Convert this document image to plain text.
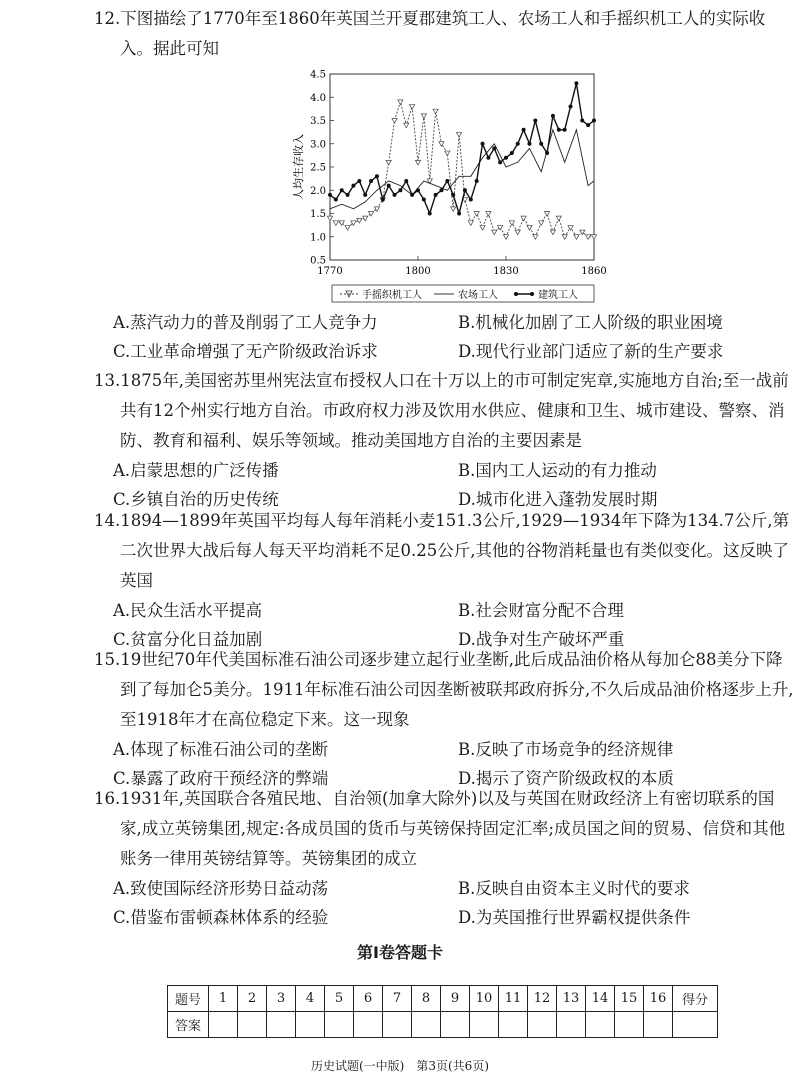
12.下图描绘了1770年至1860年英国兰开夏郡建筑工人、农场工人和手摇织机工人的实际收入。据此可知

4.5
4.0
3.5
3.0
2.5
2.0
1.5
1.0
0.5
1770	1800	1830	1860
人均生存收入
手摇织机工人	农场工人	建筑工人
A.蒸汽动力的普及削弱了工人竞争力	B.机械化加剧了工人阶级的职业困境
C.工业革命增强了无产阶级政治诉求	D.现代行业部门适应了新的生产要求

13.1875年,美国密苏里州宪法宣布授权人口在十万以上的市可制定宪章,实施地方自治;至一战前共有12个州实行地方自治。市政府权力涉及饮用水供应、健康和卫生、城市建设、警察、消防、教育和福利、娱乐等领域。推动美国地方自治的主要因素是

A.启蒙思想的广泛传播	B.国内工人运动的有力推动
C.乡镇自治的历史传统	D.城市化进入蓬勃发展时期

14.1894—1899年英国平均每人每年消耗小麦151.3公斤,1929—1934年下降为134.7公斤,第二次世界大战后每人每天平均消耗不足0.25公斤,其他的谷物消耗量也有类似变化。这反映了英国

A.民众生活水平提高	B.社会财富分配不合理
C.贫富分化日益加剧	D.战争对生产破坏严重

15.19世纪70年代美国标准石油公司逐步建立起行业垄断,此后成品油价格从每加仑88美分下降到了每加仑5美分。1911年标准石油公司因垄断被联邦政府拆分,不久后成品油价格逐步上升,至1918年才在高位稳定下来。这一现象

A.体现了标准石油公司的垄断	B.反映了市场竞争的经济规律
C.暴露了政府干预经济的弊端	D.揭示了资产阶级政权的本质

16.1931年,英国联合各殖民地、自治领(加拿大除外)以及与英国在财政经济上有密切联系的国家,成立英镑集团,规定:各成员国的货币与英镑保持固定汇率;成员国之间的贸易、信贷和其他账务一律用英镑结算等。英镑集团的成立

A.致使国际经济形势日益动荡	B.反映自由资本主义时代的要求
C.借鉴布雷顿森林体系的经验	D.为英国推行世界霸权提供条件
第Ⅰ卷答题卡
题号	1	2	3	4	5	6	7	8	9	10	11	12	13	14	15	16	得分
答案																	
历史试题(一中版)　第3页(共6页)
